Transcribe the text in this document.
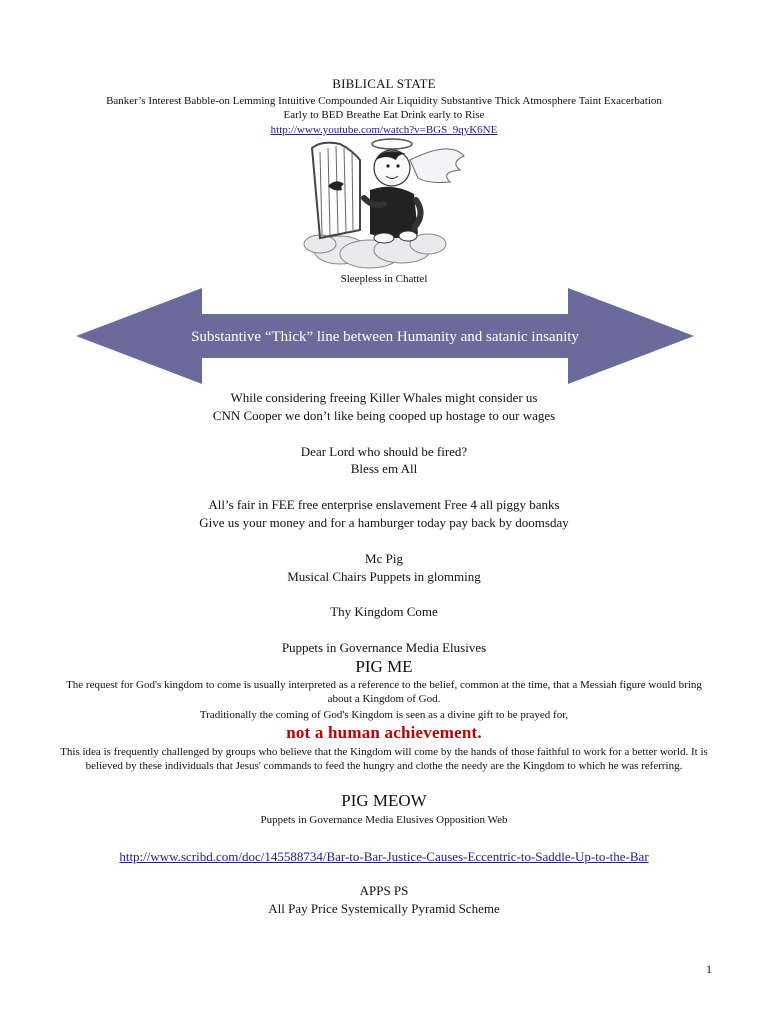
BIBLICAL STATE
Banker’s Interest Babble-on Lemming Intuitive Compounded Air Liquidity Substantive Thick Atmosphere Taint Exacerbation
Early to BED Breathe Eat Drink early to Rise
http://www.youtube.com/watch?v=BGS_9qyK6NE
Sleepless in Chattel
Substantive “Thick” line between Humanity and satanic insanity
While considering freeing Killer Whales might consider us
CNN Cooper we don’t like being cooped up hostage to our wages
Dear Lord who should be fired?
Bless em All
All’s fair in FEE free enterprise enslavement Free 4 all piggy banks
Give us your money and for a hamburger today pay back by doomsday
Mc Pig
Musical Chairs Puppets in glomming
Thy Kingdom Come
Puppets in Governance Media Elusives
PIG ME
The request for God's kingdom to come is usually interpreted as a reference to the belief, common at the time, that a Messiah figure would bring about a Kingdom of God.
Traditionally the coming of God's Kingdom is seen as a divine gift to be prayed for,
not a human achievement.
This idea is frequently challenged by groups who believe that the Kingdom will come by the hands of those faithful to work for a better world. It is believed by these individuals that Jesus' commands to feed the hungry and clothe the needy are the Kingdom to which he was referring.
PIG MEOW
Puppets in Governance Media Elusives Opposition Web
http://www.scribd.com/doc/145588734/Bar-to-Bar-Justice-Causes-Eccentric-to-Saddle-Up-to-the-Bar
APPS PS
All Pay Price Systemically Pyramid Scheme
1
